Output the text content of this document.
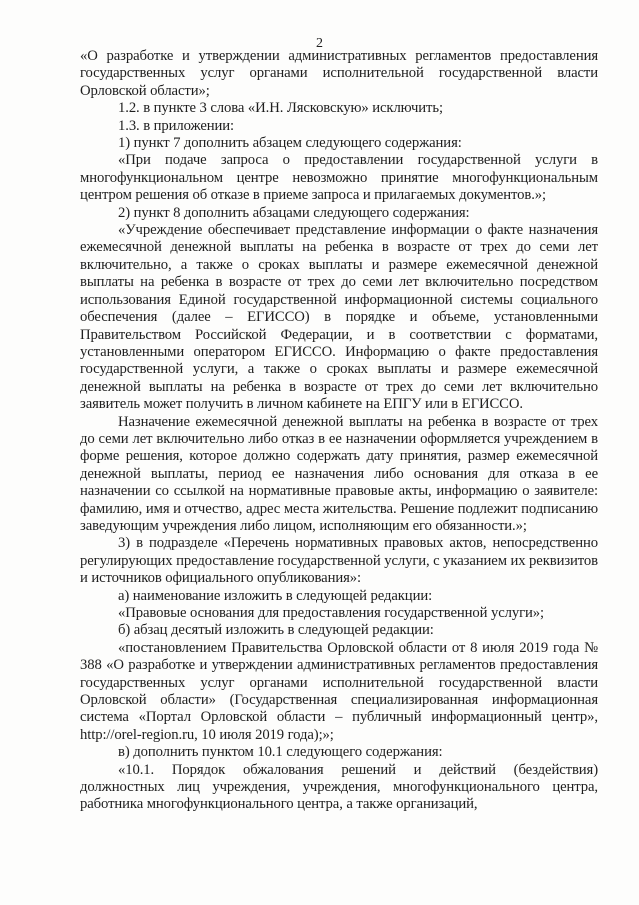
2

«О разработке и утверждении административных регламентов предоставления государственных услуг органами исполнительной государственной власти Орловской области»;

1.2. в пункте 3 слова «И.Н. Лясковскую» исключить;

1.3. в приложении:

1) пункт 7 дополнить абзацем следующего содержания:

«При подаче запроса о предоставлении государственной услуги в многофункциональном центре невозможно принятие многофункциональным центром решения об отказе в приеме запроса и прилагаемых документов.»;

2) пункт 8 дополнить абзацами следующего содержания:

«Учреждение обеспечивает представление информации о факте назначения ежемесячной денежной выплаты на ребенка в возрасте от трех до семи лет включительно, а также о сроках выплаты и размере ежемесячной денежной выплаты на ребенка в возрасте от трех до семи лет включительно посредством использования Единой государственной информационной системы социального обеспечения (далее – ЕГИССО) в порядке и объеме, установленными Правительством Российской Федерации, и в соответствии с форматами, установленными оператором ЕГИССО. Информацию о факте предоставления государственной услуги, а также о сроках выплаты и размере ежемесячной денежной выплаты на ребенка в возрасте от трех до семи лет включительно заявитель может получить в личном кабинете на ЕПГУ или в ЕГИССО.

Назначение ежемесячной денежной выплаты на ребенка в возрасте от трех до семи лет включительно либо отказ в ее назначении оформляется учреждением в форме решения, которое должно содержать дату принятия, размер ежемесячной денежной выплаты, период ее назначения либо основания для отказа в ее назначении со ссылкой на нормативные правовые акты, информацию о заявителе: фамилию, имя и отчество, адрес места жительства. Решение подлежит подписанию заведующим учреждения либо лицом, исполняющим его обязанности.»;

3) в подразделе «Перечень нормативных правовых актов, непосредственно регулирующих предоставление государственной услуги, с указанием их реквизитов и источников официального опубликования»:

а) наименование изложить в следующей редакции:

«Правовые основания для предоставления государственной услуги»;

б) абзац десятый изложить в следующей редакции:

«постановлением Правительства Орловской области от 8 июля 2019 года № 388 «О разработке и утверждении административных регламентов предоставления государственных услуг органами исполнительной государственной власти Орловской области» (Государственная специализированная информационная система «Портал Орловской области – публичный информационный центр», http://orel-region.ru, 10 июля 2019 года);»;

в) дополнить пунктом 10.1 следующего содержания:

«10.1. Порядок обжалования решений и действий (бездействия) должностных лиц учреждения, учреждения, многофункционального центра, работника многофункционального центра, а также организаций,
